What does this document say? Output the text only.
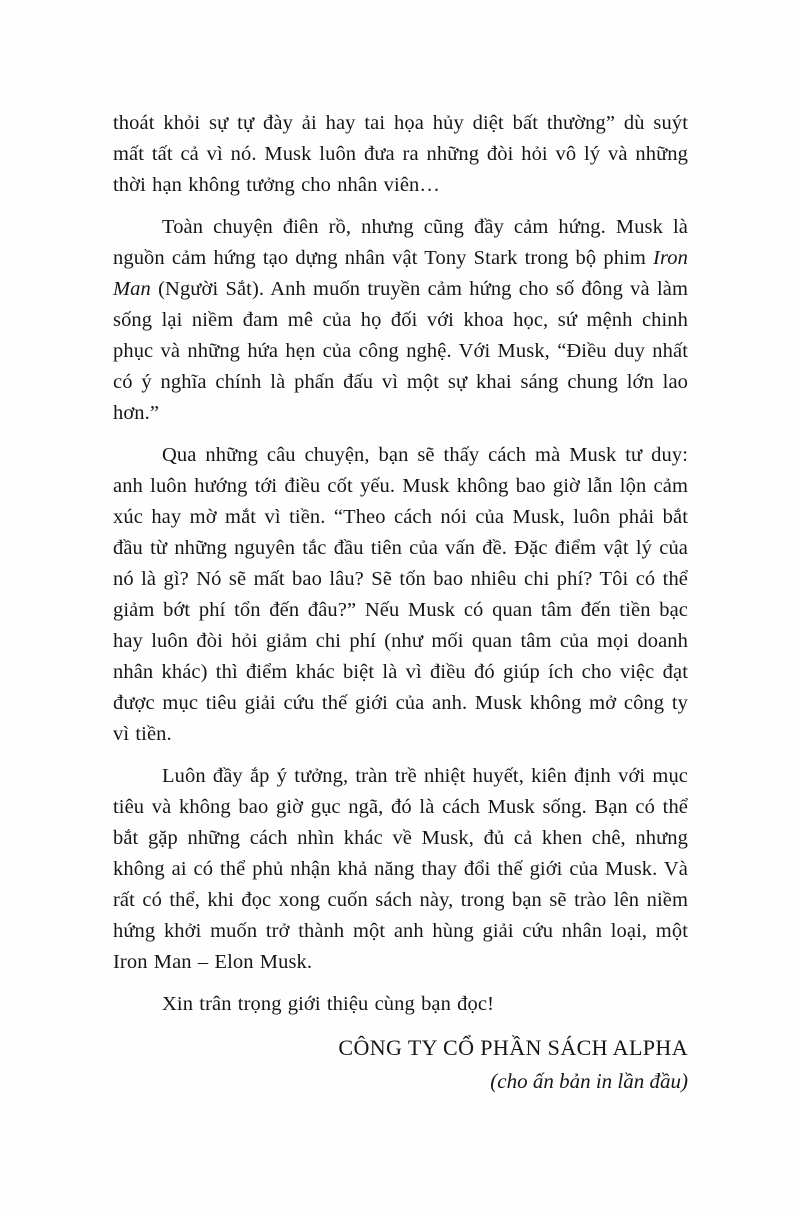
thoát khỏi sự tự đày ải hay tai họa hủy diệt bất thường” dù suýt mất tất cả vì nó. Musk luôn đưa ra những đòi hỏi vô lý và những thời hạn không tưởng cho nhân viên…

Toàn chuyện điên rồ, nhưng cũng đầy cảm hứng. Musk là nguồn cảm hứng tạo dựng nhân vật Tony Stark trong bộ phim Iron Man (Người Sắt). Anh muốn truyền cảm hứng cho số đông và làm sống lại niềm đam mê của họ đối với khoa học, sứ mệnh chinh phục và những hứa hẹn của công nghệ. Với Musk, “Điều duy nhất có ý nghĩa chính là phấn đấu vì một sự khai sáng chung lớn lao hơn.”

Qua những câu chuyện, bạn sẽ thấy cách mà Musk tư duy: anh luôn hướng tới điều cốt yếu. Musk không bao giờ lẫn lộn cảm xúc hay mờ mắt vì tiền. “Theo cách nói của Musk, luôn phải bắt đầu từ những nguyên tắc đầu tiên của vấn đề. Đặc điểm vật lý của nó là gì? Nó sẽ mất bao lâu? Sẽ tốn bao nhiêu chi phí? Tôi có thể giảm bớt phí tổn đến đâu?” Nếu Musk có quan tâm đến tiền bạc hay luôn đòi hỏi giảm chi phí (như mối quan tâm của mọi doanh nhân khác) thì điểm khác biệt là vì điều đó giúp ích cho việc đạt được mục tiêu giải cứu thế giới của anh. Musk không mở công ty vì tiền.

Luôn đầy ắp ý tưởng, tràn trề nhiệt huyết, kiên định với mục tiêu và không bao giờ gục ngã, đó là cách Musk sống. Bạn có thể bắt gặp những cách nhìn khác về Musk, đủ cả khen chê, nhưng không ai có thể phủ nhận khả năng thay đổi thế giới của Musk. Và rất có thể, khi đọc xong cuốn sách này, trong bạn sẽ trào lên niềm hứng khởi muốn trở thành một anh hùng giải cứu nhân loại, một Iron Man – Elon Musk.

Xin trân trọng giới thiệu cùng bạn đọc!

CÔNG TY CỔ PHẦN SÁCH ALPHA
(cho ấn bản in lần đầu)
